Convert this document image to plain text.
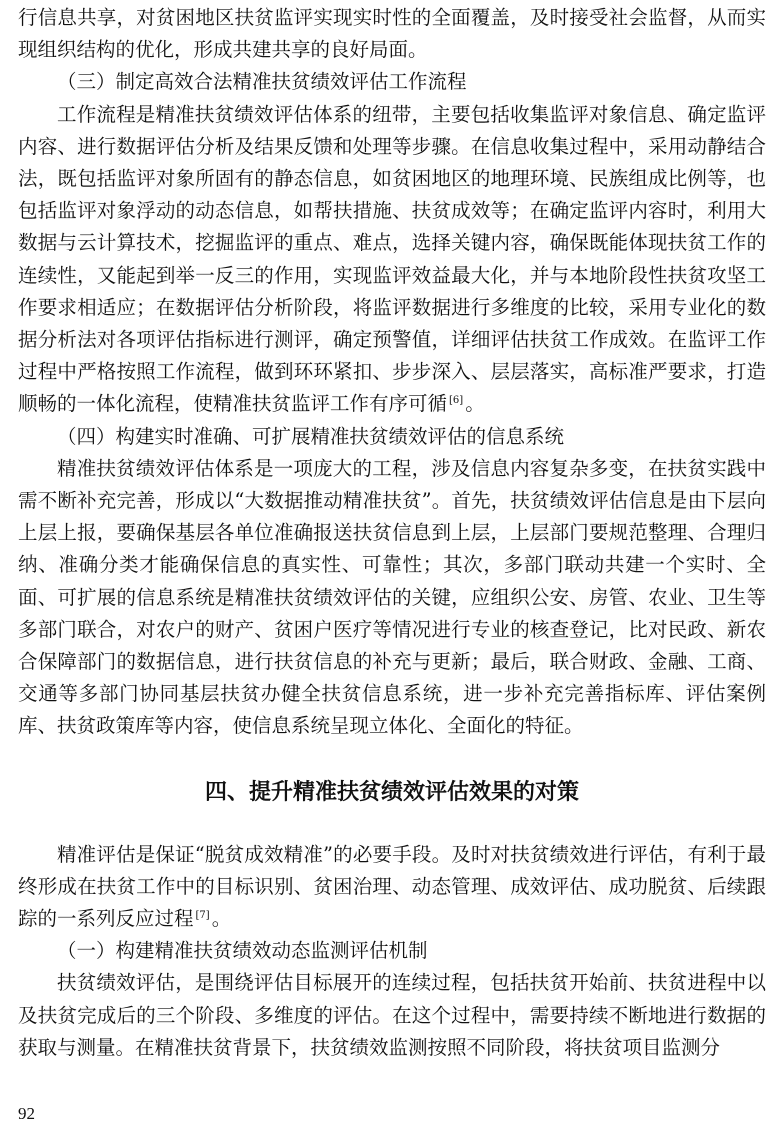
行信息共享，对贫困地区扶贫监评实现实时性的全面覆盖，及时接受社会监督，从而实现组织结构的优化，形成共建共享的良好局面。

（三）制定高效合法精准扶贫绩效评估工作流程

工作流程是精准扶贫绩效评估体系的纽带，主要包括收集监评对象信息、确定监评内容、进行数据评估分析及结果反馈和处理等步骤。在信息收集过程中，采用动静结合法，既包括监评对象所固有的静态信息，如贫困地区的地理环境、民族组成比例等，也包括监评对象浮动的动态信息，如帮扶措施、扶贫成效等；在确定监评内容时，利用大数据与云计算技术，挖掘监评的重点、难点，选择关键内容，确保既能体现扶贫工作的连续性，又能起到举一反三的作用，实现监评效益最大化，并与本地阶段性扶贫攻坚工作要求相适应；在数据评估分析阶段，将监评数据进行多维度的比较，采用专业化的数据分析法对各项评估指标进行测评，确定预警值，详细评估扶贫工作成效。在监评工作过程中严格按照工作流程，做到环环紧扣、步步深入、层层落实，高标准严要求，打造顺畅的一体化流程，使精准扶贫监评工作有序可循 [6] 。

（四）构建实时准确、可扩展精准扶贫绩效评估的信息系统

精准扶贫绩效评估体系是一项庞大的工程，涉及信息内容复杂多变，在扶贫实践中需不断补充完善，形成以“大数据推动精准扶贫”。首先，扶贫绩效评估信息是由下层向上层上报，要确保基层各单位准确报送扶贫信息到上层，上层部门要规范整理、合理归纳、准确分类才能确保信息的真实性、可靠性；其次，多部门联动共建一个实时、全面、可扩展的信息系统是精准扶贫绩效评估的关键，应组织公安、房管、农业、卫生等多部门联合，对农户的财产、贫困户医疗等情况进行专业的核查登记，比对民政、新农合保障部门的数据信息，进行扶贫信息的补充与更新；最后，联合财政、金融、工商、交通等多部门协同基层扶贫办健全扶贫信息系统，进一步补充完善指标库、评估案例库、扶贫政策库等内容，使信息系统呈现立体化、全面化的特征。

四、提升精准扶贫绩效评估效果的对策

精准评估是保证“脱贫成效精准”的必要手段。及时对扶贫绩效进行评估，有利于最终形成在扶贫工作中的目标识别、贫困治理、动态管理、成效评估、成功脱贫、后续跟踪的一系列反应过程 [7] 。

（一）构建精准扶贫绩效动态监测评估机制

扶贫绩效评估，是围绕评估目标展开的连续过程，包括扶贫开始前、扶贫进程中以及扶贫完成后的三个阶段、多维度的评估。在这个过程中，需要持续不断地进行数据的获取与测量。在精准扶贫背景下，扶贫绩效监测按照不同阶段，将扶贫项目监测分

92
